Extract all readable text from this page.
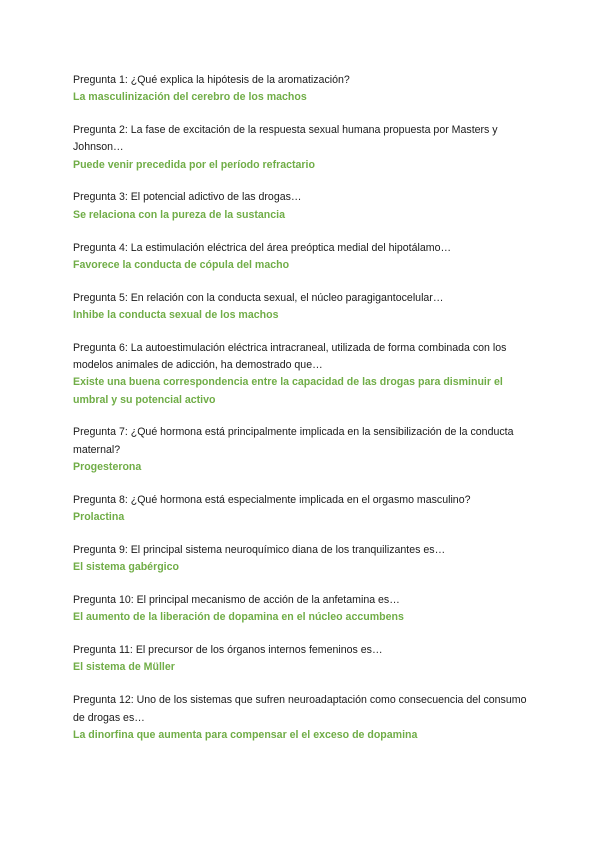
Pregunta 1: ¿Qué explica la hipótesis de la aromatización?

La masculinización del cerebro de los machos

Pregunta 2: La fase de excitación de la respuesta sexual humana propuesta por Masters y Johnson…

Puede venir precedida por el período refractario

Pregunta 3: El potencial adictivo de las drogas…

Se relaciona con la pureza de la sustancia

Pregunta 4: La estimulación eléctrica del área preóptica medial del hipotálamo…

Favorece la conducta de cópula del macho

Pregunta 5: En relación con la conducta sexual, el núcleo paragigantocelular…

Inhibe la conducta sexual de los machos

Pregunta 6: La autoestimulación eléctrica intracraneal, utilizada de forma combinada con los modelos animales de adicción, ha demostrado que…

Existe una buena correspondencia entre la capacidad de las drogas para disminuir el umbral y su potencial activo

Pregunta 7: ¿Qué hormona está principalmente implicada en la sensibilización de la conducta maternal?

Progesterona

Pregunta 8: ¿Qué hormona está especialmente implicada en el orgasmo masculino?

Prolactina

Pregunta 9: El principal sistema neuroquímico diana de los tranquilizantes es…

El sistema gabérgico

Pregunta 10: El principal mecanismo de acción de la anfetamina es…

El aumento de la liberación de dopamina en el núcleo accumbens

Pregunta 11: El precursor de los órganos internos femeninos es…

El sistema de Müller

Pregunta 12: Uno de los sistemas que sufren neuroadaptación como consecuencia del consumo de drogas es…

La dinorfina que aumenta para compensar el el exceso de dopamina
